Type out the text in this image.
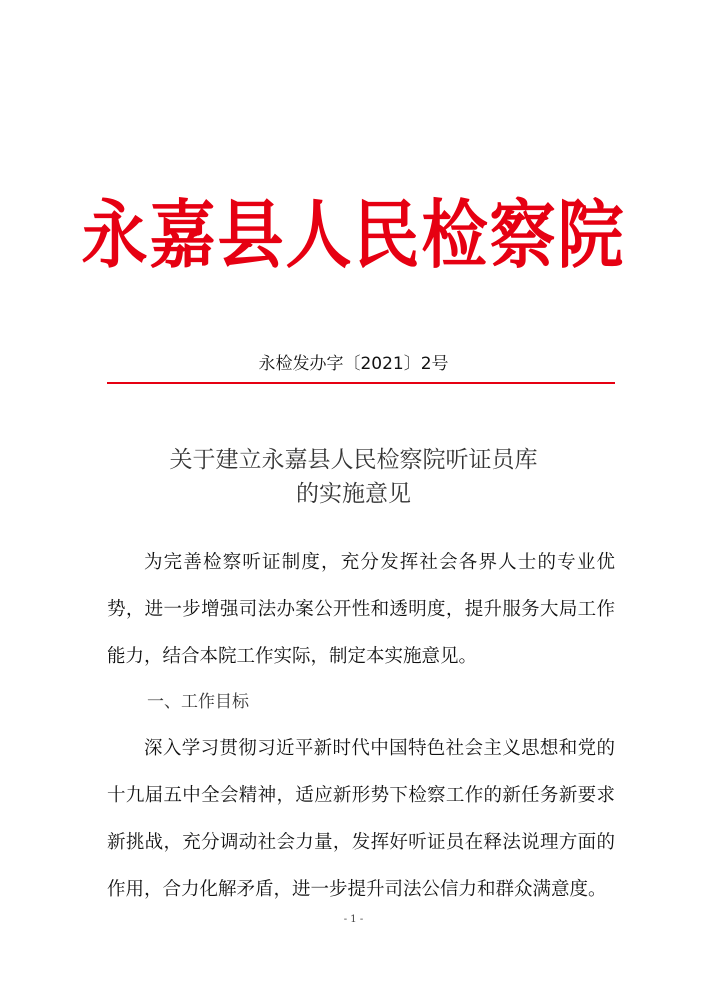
永嘉县人民检察院
永检发办字〔2021〕2号
关于建立永嘉县人民检察院听证员库
的实施意见
为完善检察听证制度，充分发挥社会各界人士的专业优势，进一步增强司法办案公开性和透明度，提升服务大局工作能力，结合本院工作实际，制定本实施意见。
一、工作目标
深入学习贯彻习近平新时代中国特色社会主义思想和党的十九届五中全会精神，适应新形势下检察工作的新任务新要求新挑战，充分调动社会力量，发挥好听证员在释法说理方面的作用，合力化解矛盾，进一步提升司法公信力和群众满意度。
- 1 -
